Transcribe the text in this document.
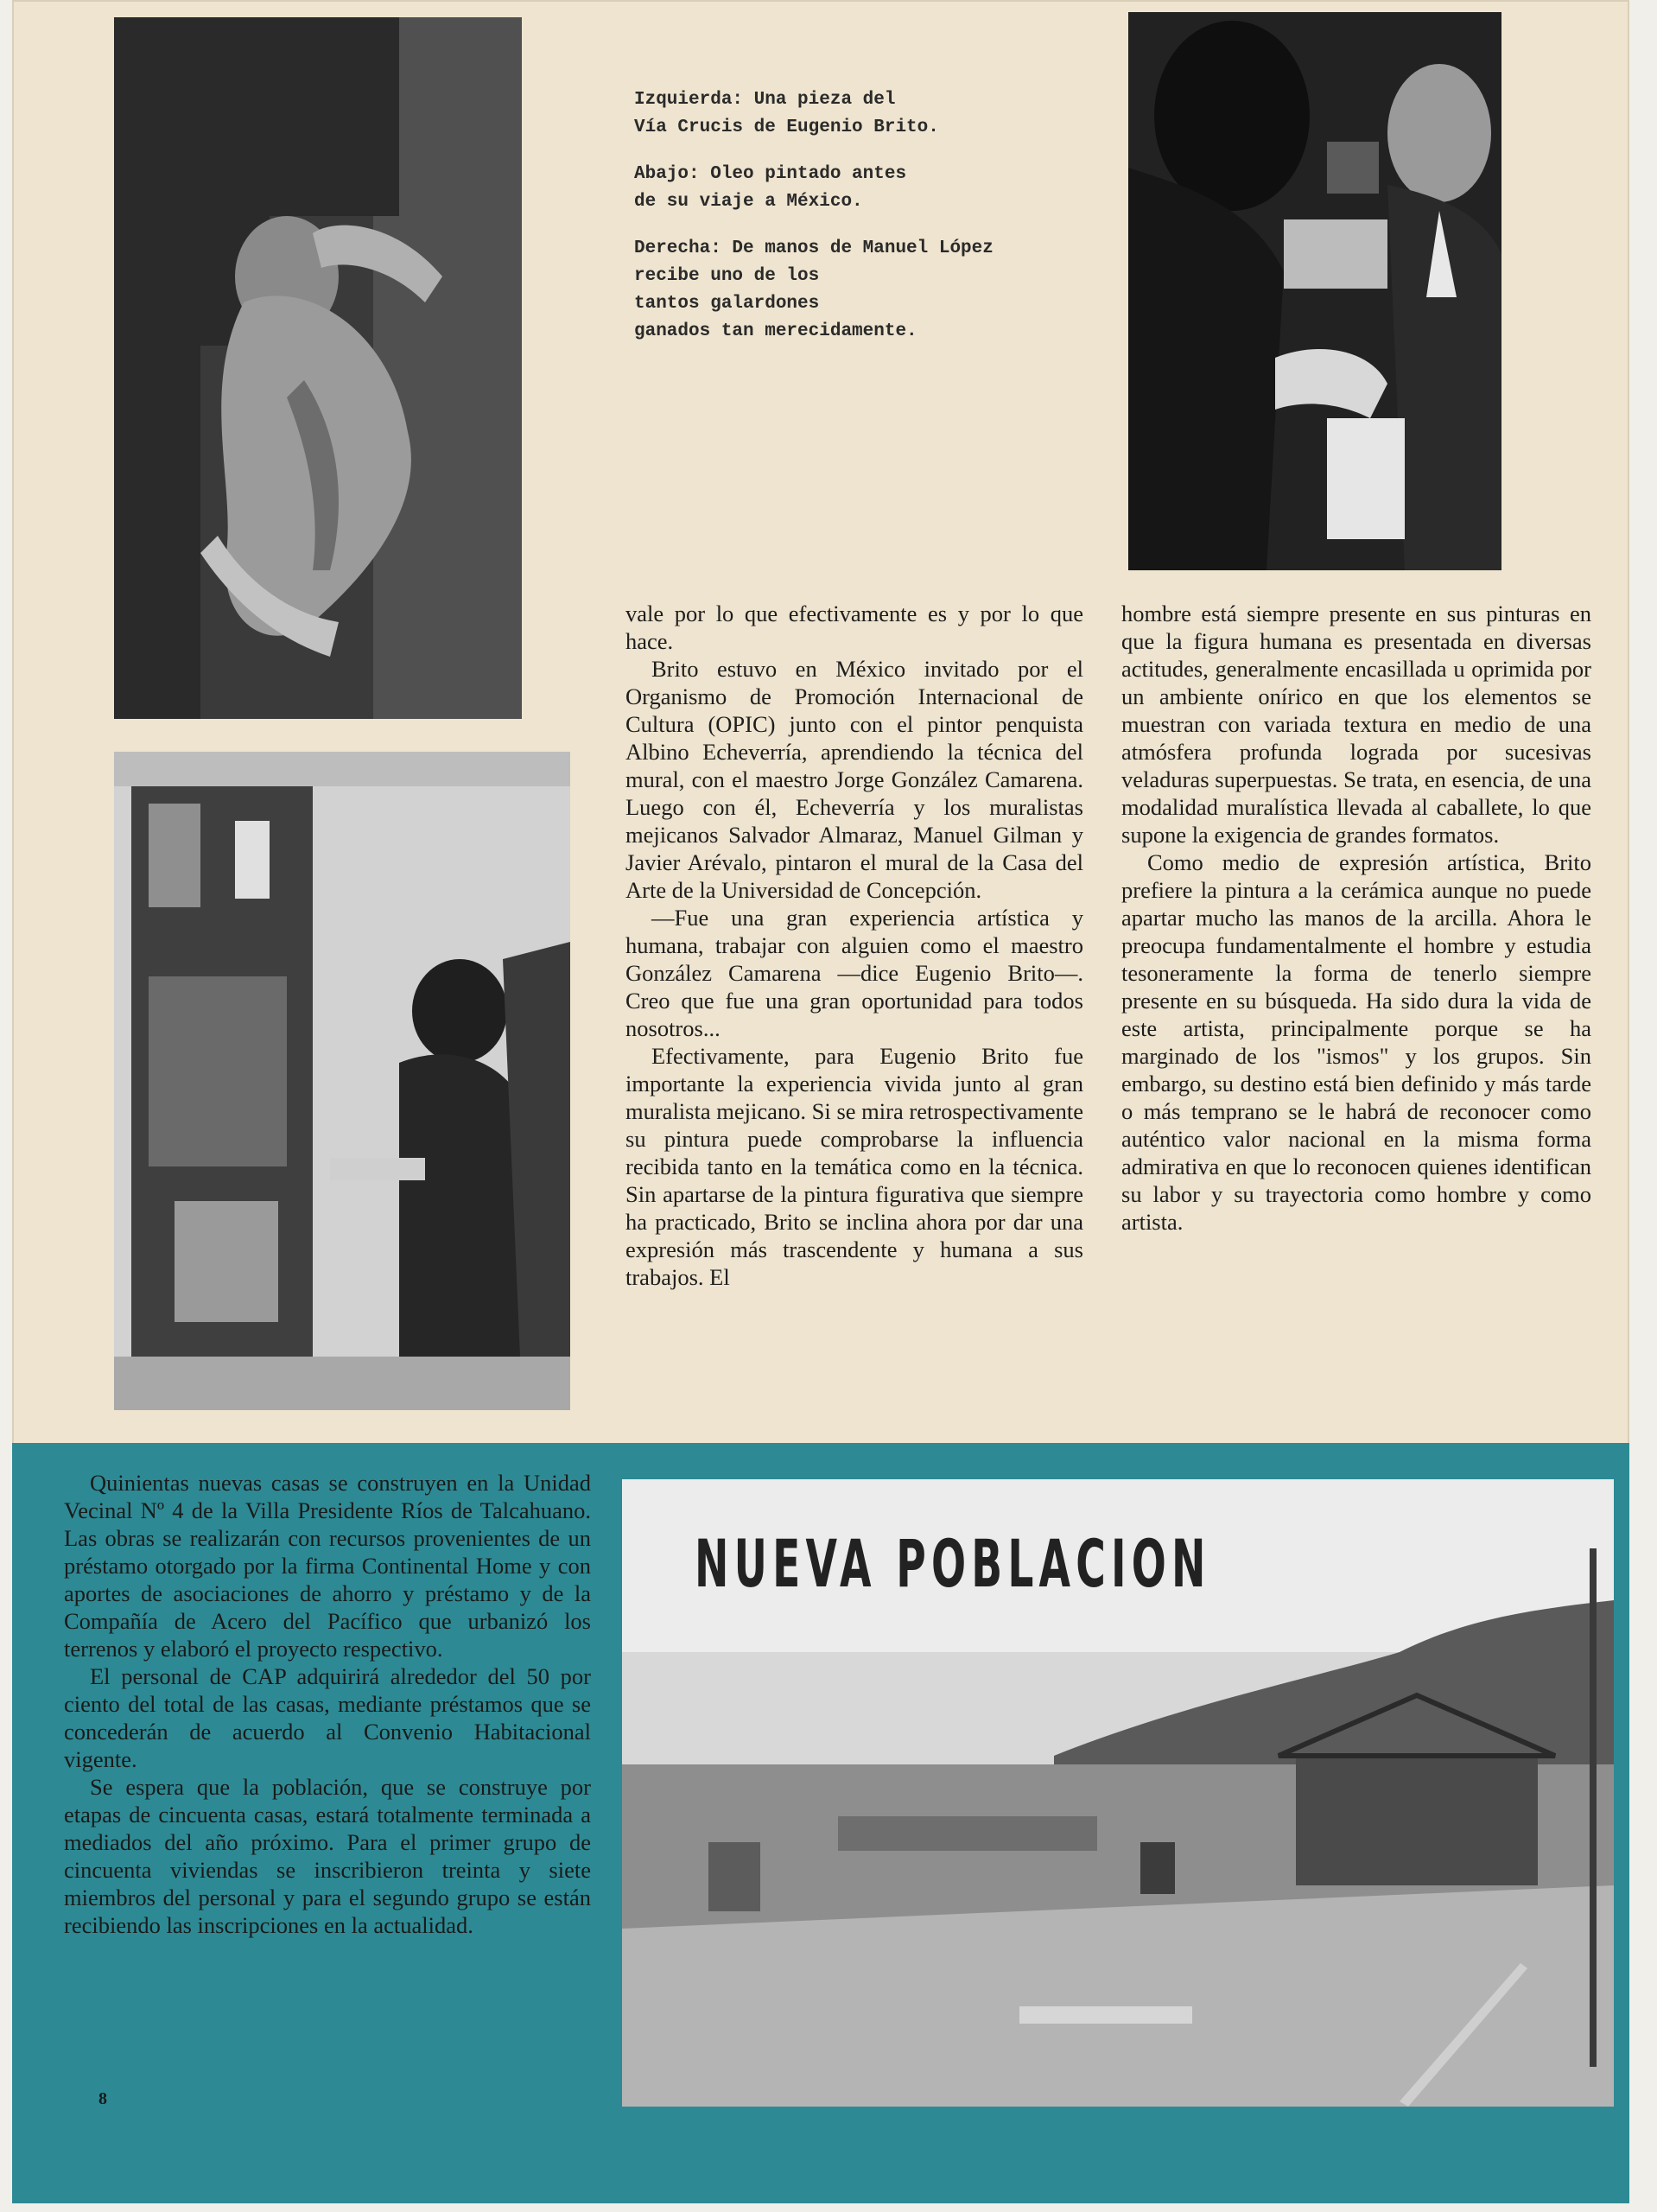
Izquierda: Una pieza del
Vía Crucis de Eugenio Brito.

Abajo: Oleo pintado antes
de su viaje a México.

Derecha: De manos de Manuel López
recibe uno de los
tantos galardones
ganados tan merecidamente.

vale por lo que efectivamente es y por lo que hace.

Brito estuvo en México invitado por el Organismo de Promoción Internacional de Cultura (OPIC) junto con el pintor penquista Albino Echeverría, aprendiendo la técnica del mural, con el maestro Jorge González Camarena. Luego con él, Echeverría y los muralistas mejicanos Salvador Almaraz, Manuel Gilman y Javier Arévalo, pintaron el mural de la Casa del Arte de la Universidad de Concepción.

—Fue una gran experiencia artística y humana, trabajar con alguien como el maestro González Camarena —dice Eugenio Brito—. Creo que fue una gran oportunidad para todos nosotros...

Efectivamente, para Eugenio Brito fue importante la experiencia vivida junto al gran muralista mejicano. Si se mira retrospectivamente su pintura puede comprobarse la influencia recibida tanto en la temática como en la técnica. Sin apartarse de la pintura figurativa que siempre ha practicado, Brito se inclina ahora por dar una expresión más trascendente y humana a sus trabajos. El

hombre está siempre presente en sus pinturas en que la figura humana es presentada en diversas actitudes, generalmente encasillada u oprimida por un ambiente onírico en que los elementos se muestran con variada textura en medio de una atmósfera profunda lograda por sucesivas veladuras superpuestas. Se trata, en esencia, de una modalidad muralística llevada al caballete, lo que supone la exigencia de grandes formatos.

Como medio de expresión artística, Brito prefiere la pintura a la cerámica aunque no puede apartar mucho las manos de la arcilla. Ahora le preocupa fundamentalmente el hombre y estudia tesoneramente la forma de tenerlo siempre presente en su búsqueda. Ha sido dura la vida de este artista, principalmente porque se ha marginado de los "ismos" y los grupos. Sin embargo, su destino está bien definido y más tarde o más temprano se le habrá de reconocer como auténtico valor nacional en la misma forma admirativa en que lo reconocen quienes identifican su labor y su trayectoria como hombre y como artista.

Quinientas nuevas casas se construyen en la Unidad Vecinal Nº 4 de la Villa Presidente Ríos de Talcahuano. Las obras se realizarán con recursos provenientes de un préstamo otorgado por la firma Continental Home y con aportes de asociaciones de ahorro y préstamo y de la Compañía de Acero del Pacífico que urbanizó los terrenos y elaboró el proyecto respectivo.

El personal de CAP adquirirá alrededor del 50 por ciento del total de las casas, mediante préstamos que se concederán de acuerdo al Convenio Habitacional vigente.

Se espera que la población, que se construye por etapas de cincuenta casas, estará totalmente terminada a mediados del año próximo. Para el primer grupo de cincuenta viviendas se inscribieron treinta y siete miembros del personal y para el segundo grupo se están recibiendo las inscripciones en la actualidad.

8
NUEVA POBLACION
